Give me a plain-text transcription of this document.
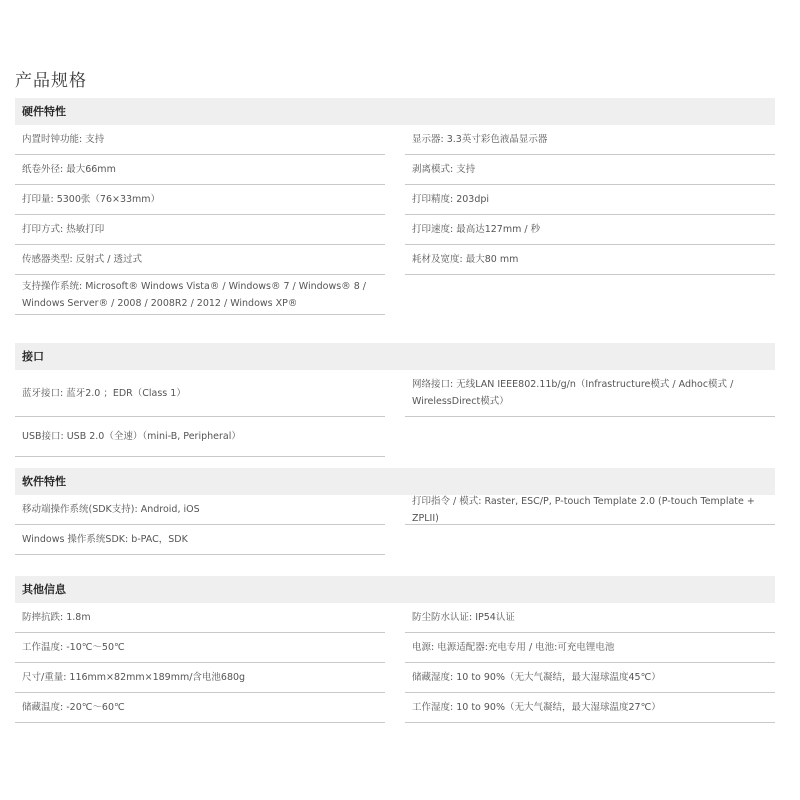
产品规格
硬件特性
内置时钟功能: 支持
纸卷外径: 最大66mm
打印量: 5300张（76×33mm）
打印方式: 热敏打印
传感器类型: 反射式 / 透过式
支持操作系统: Microsoft® Windows Vista® / Windows® 7 / Windows® 8 / Windows Server® / 2008 / 2008R2 / 2012 / Windows XP®
显示器: 3.3英寸彩色液晶显示器
剥离模式: 支持
打印精度: 203dpi
打印速度: 最高达127mm / 秒
耗材及宽度: 最大80 mm
接口
蓝牙接口: 蓝牙2.0 ；EDR（Class 1）
USB接口: USB 2.0（全速）（mini-B, Peripheral）
网络接口: 无线LAN IEEE802.11b/g/n（Infrastructure模式 / Adhoc模式 / WirelessDirect模式）
软件特性
移动端操作系统(SDK支持): Android, iOS
Windows 操作系统SDK: b-PAC，SDK
打印指令 / 模式: Raster, ESC/P, P-touch Template 2.0 (P-touch Template + ZPLII)
其他信息
防摔抗跌: 1.8m
工作温度: -10℃～50℃
尺寸/重量: 116mm×82mm×189mm/含电池680g
储藏温度: -20℃～60℃
防尘防水认证: IP54认证
电源: 电源适配器:充电专用 / 电池:可充电锂电池
储藏湿度: 10 to 90%（无大气凝结，最大湿球温度45℃）
工作湿度: 10 to 90%（无大气凝结，最大湿球温度27℃）
